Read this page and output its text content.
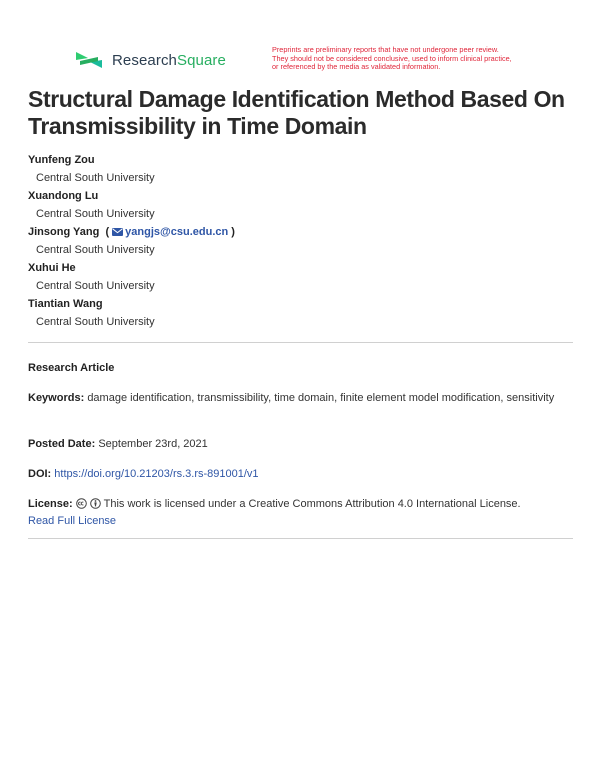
ResearchSquare
Preprints are preliminary reports that have not undergone peer review.
They should not be considered conclusive, used to inform clinical practice,
or referenced by the media as validated information.
Structural Damage Identification Method Based On Transmissibility in Time Domain
Yunfeng Zou
Central South University
Xuandong Lu
Central South University
Jinsong Yang ( yangjs@csu.edu.cn )
Central South University
Xuhui He
Central South University
Tiantian Wang
Central South University
Research Article
Keywords: damage identification, transmissibility, time domain, finite element model modification, sensitivity
Posted Date: September 23rd, 2021
DOI: https://doi.org/10.21203/rs.3.rs-891001/v1
License:	This work is licensed under a Creative Commons Attribution 4.0 International License.
Read Full License
